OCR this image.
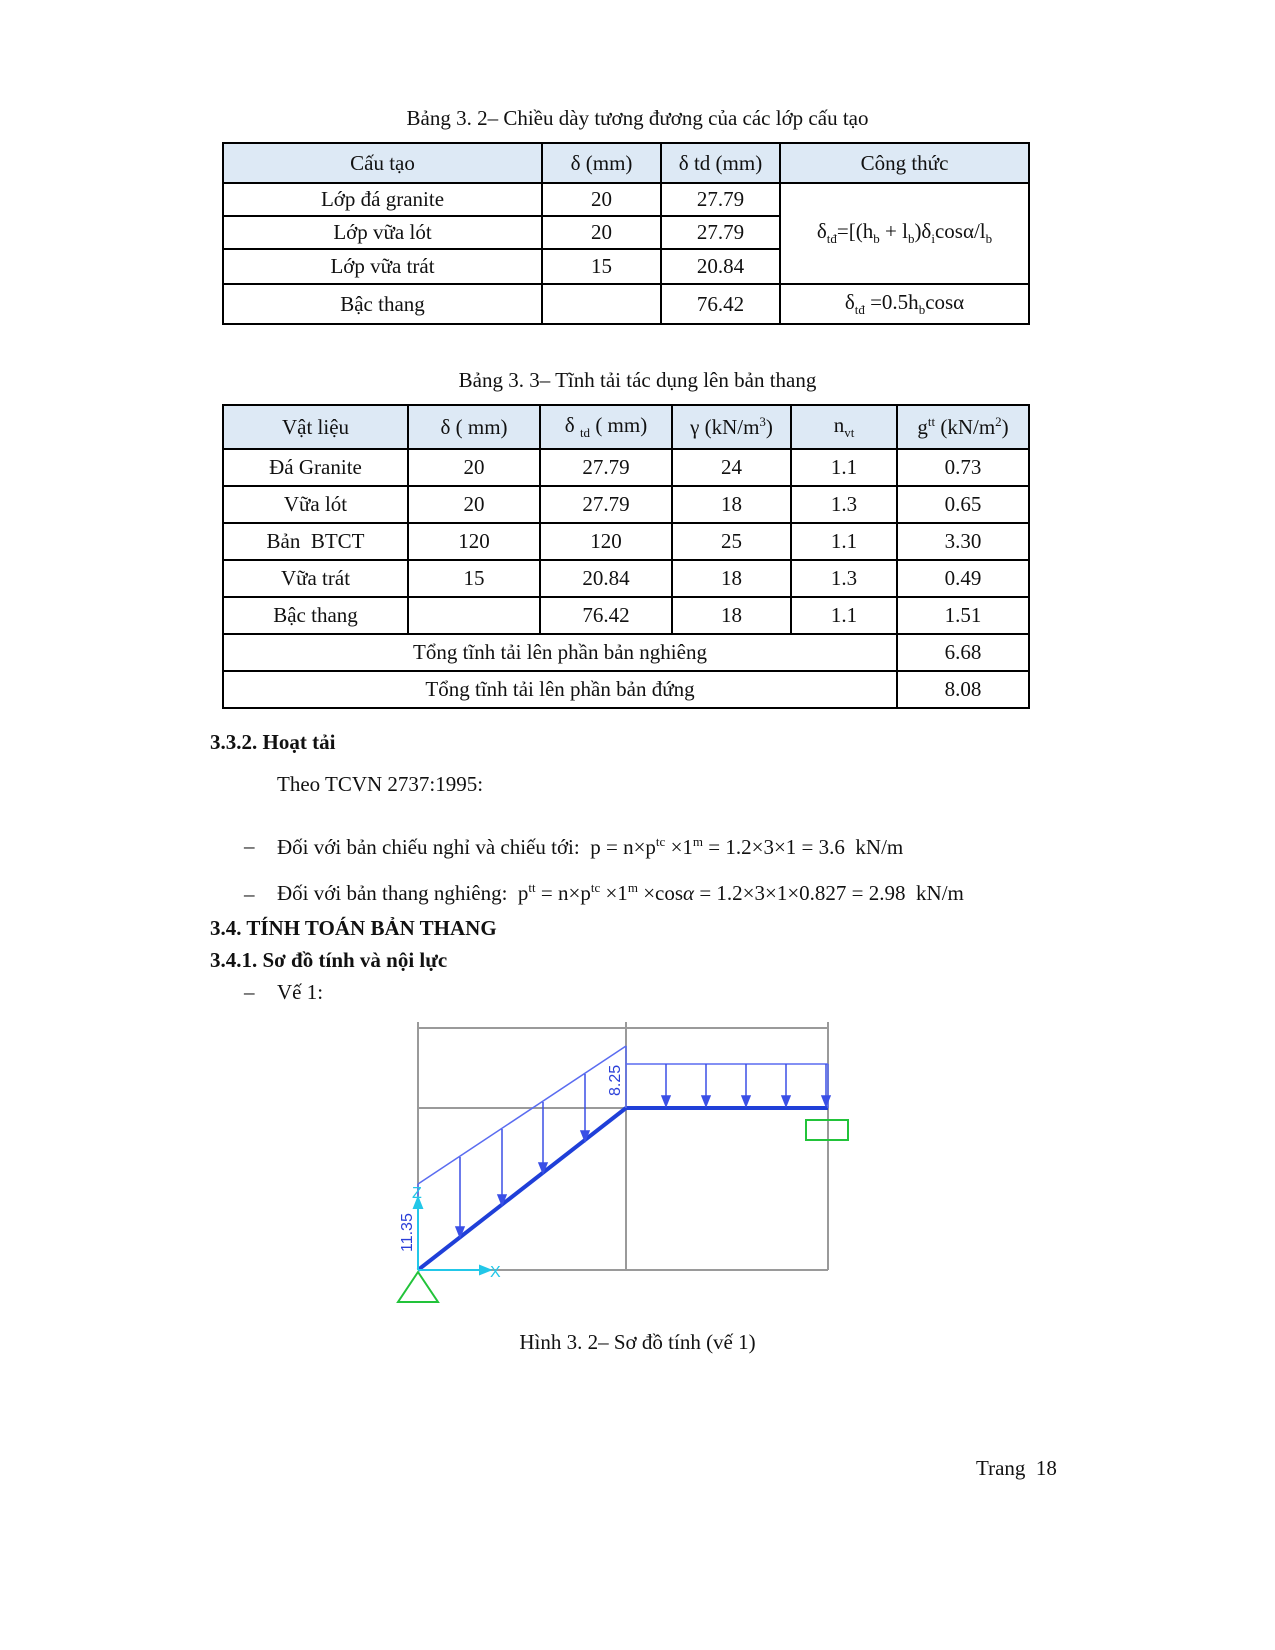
Bảng 3. 2– Chiều dày tương đương của các lớp cấu tạo
Cấu tạo	δ (mm)	δ td (mm)	Công thức
Lớp đá granite	20	27.79	$\delta_{tđ}=[(h_b + l_b)\delta_i\cos\alpha/l_b$
Lớp vữa lót	20	27.79	
Lớp vữa trát	15	20.84	
Bậc thang		76.42	$\delta_{tđ} =0.5h_b\cos\alpha$
Bảng 3. 3– Tĩnh tải tác dụng lên bản thang
Vật liệu	δ ( mm)	δ $_{td}$ ( mm)	γ $(kN/m^3)$	$n_{vt}$	$g^{tt}$ $(kN/m^2)$
Đá Granite	20	27.79	24	1.1	0.73
Vữa lót	20	27.79	18	1.3	0.65
Bản  BTCT	120	120	25	1.1	3.30
Vữa trát	15	20.84	18	1.3	0.49
Bậc thang		76.42	18	1.1	1.51
Tổng tĩnh tải lên phần bản nghiêng					6.68
Tổng tĩnh tải lên phần bản đứng					8.08
3.3.2. Hoạt tải
Theo TCVN 2737:1995:
– Đối với bản chiếu nghỉ và chiếu tới:  $p = n\times p^{tc} \times 1^m = 1.2\times 3\times 1 = 3.6$  kN/m
– Đối với bản thang nghiêng:  $p^{tt} = n\times p^{tc} \times 1^m \times\cos\alpha = 1.2\times 3\times 1\times 0.827 = 2.98$  kN/m
3.4. TÍNH TOÁN BẢN THANG
3.4.1. Sơ đồ tính và nội lực
– Vế 1:
8.25
11.35
Z
X
Hình 3. 2– Sơ đồ tính (vế 1)
Trang  18
